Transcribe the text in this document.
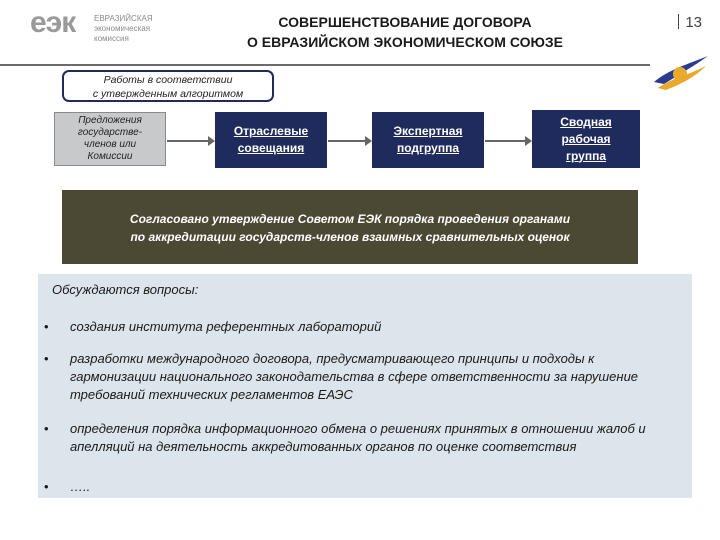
еэк ЕВРАЗИЙСКАЯ
экономическая
комиссия
СОВЕРШЕНСТВОВАНИЕ ДОГОВОРА
О ЕВРАЗИЙСКОМ ЭКОНОМИЧЕСКОМ СОЮЗЕ
13
Работы в соответствии
с утвержденным алгоритмом
Предложения
государстве-
членов или
Комиссии
Отраслевые
совещания
Экспертная
подгруппа
Сводная
рабочая
группа
Согласовано утверждение Советом ЕЭК порядка проведения органами
по аккредитации государств-членов взаимных сравнительных оценок
Обсуждаются вопросы:
• создания института референтных лабораторий
• разработки международного договора, предусматривающего принципы и подходы к гармонизации национального законодательства в сфере ответственности за нарушение требований технических регламентов ЕАЭС
• определения порядка информационного обмена о решениях принятых в отношении жалоб и апелляций на деятельность аккредитованных органов по оценке соответствия
• …..
